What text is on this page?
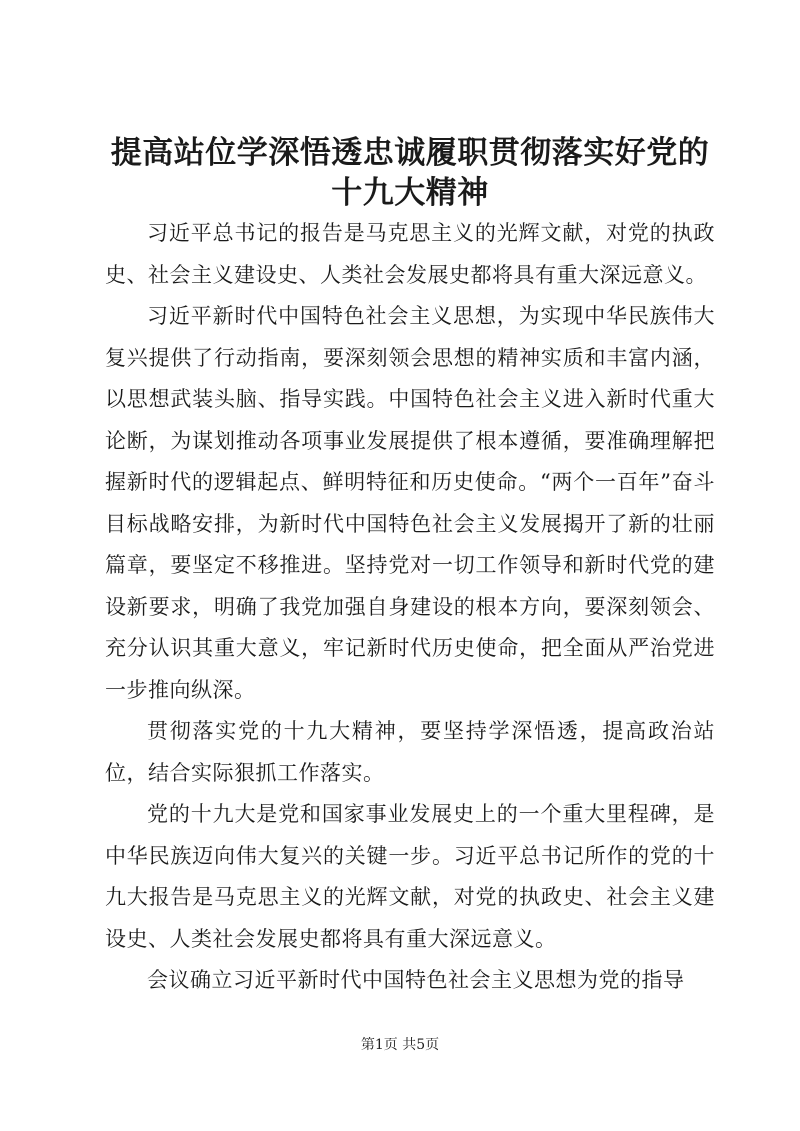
提高站位学深悟透忠诚履职贯彻落实好党的十九大精神

习近平总书记的报告是马克思主义的光辉文献，对党的执政史、社会主义建设史、人类社会发展史都将具有重大深远意义。

习近平新时代中国特色社会主义思想，为实现中华民族伟大复兴提供了行动指南，要深刻领会思想的精神实质和丰富内涵，以思想武装头脑、指导实践。中国特色社会主义进入新时代重大论断，为谋划推动各项事业发展提供了根本遵循，要准确理解把握新时代的逻辑起点、鲜明特征和历史使命。“两个一百年”奋斗目标战略安排，为新时代中国特色社会主义发展揭开了新的壮丽篇章，要坚定不移推进。坚持党对一切工作领导和新时代党的建设新要求，明确了我党加强自身建设的根本方向，要深刻领会、充分认识其重大意义，牢记新时代历史使命，把全面从严治党进一步推向纵深。

贯彻落实党的十九大精神，要坚持学深悟透，提高政治站位，结合实际狠抓工作落实。

党的十九大是党和国家事业发展史上的一个重大里程碑，是中华民族迈向伟大复兴的关键一步。习近平总书记所作的党的十九大报告是马克思主义的光辉文献，对党的执政史、社会主义建设史、人类社会发展史都将具有重大深远意义。

会议确立习近平新时代中国特色社会主义思想为党的指导

第1页 共5页
